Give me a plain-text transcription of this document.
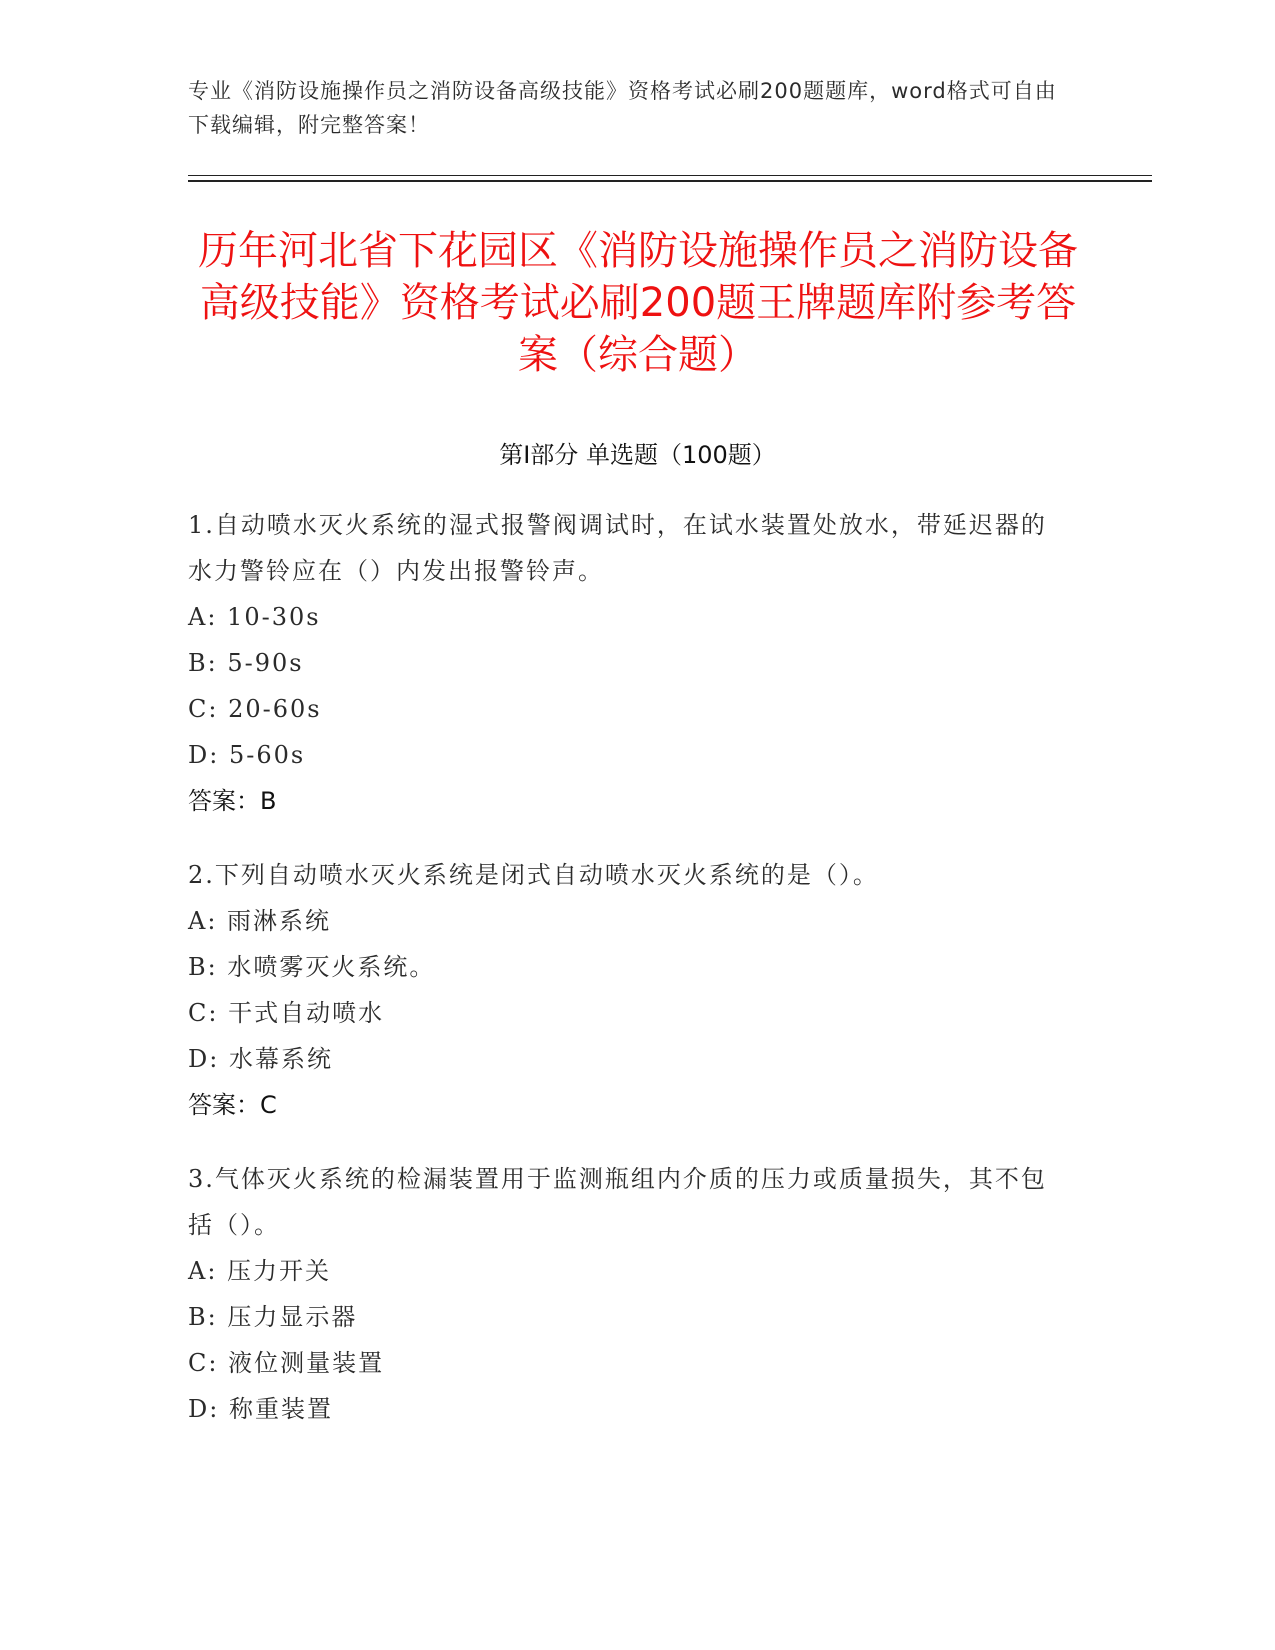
专业《消防设施操作员之消防设备高级技能》资格考试必刷200题题库，word格式可自由下载编辑，附完整答案！

历年河北省下花园区《消防设施操作员之消防设备高级技能》资格考试必刷200题王牌题库附参考答案（综合题）
第I部分 单选题（100题）

1.自动喷水灭火系统的湿式报警阀调试时，在试水装置处放水，带延迟器的水力警铃应在（）内发出报警铃声。

A: 10-30s

B: 5-90s

C: 20-60s

D: 5-60s

答案：B

2.下列自动喷水灭火系统是闭式自动喷水灭火系统的是（）。

A: 雨淋系统

B: 水喷雾灭火系统。

C: 干式自动喷水

D: 水幕系统

答案：C

3.气体灭火系统的检漏装置用于监测瓶组内介质的压力或质量损失，其不包括（）。

A: 压力开关

B: 压力显示器

C: 液位测量装置

D: 称重装置
